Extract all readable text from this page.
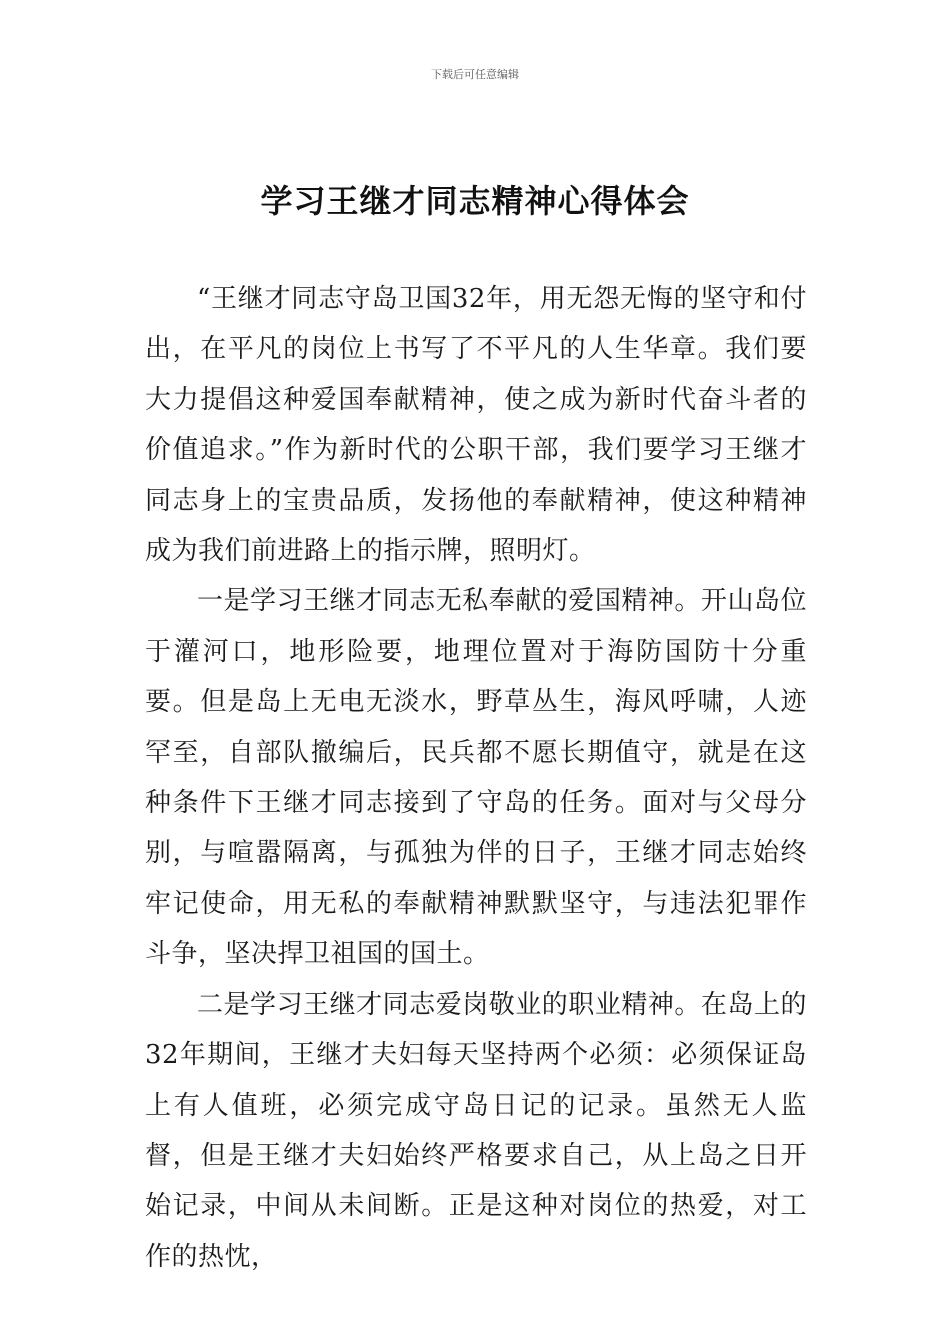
下载后可任意编辑
学习王继才同志精神心得体会

“王继才同志守岛卫国32年，用无怨无悔的坚守和付出，在平凡的岗位上书写了不平凡的人生华章。我们要大力提倡这种爱国奉献精神，使之成为新时代奋斗者的价值追求。”作为新时代的公职干部，我们要学习王继才同志身上的宝贵品质，发扬他的奉献精神，使这种精神成为我们前进路上的指示牌，照明灯。

一是学习王继才同志无私奉献的爱国精神。开山岛位于灌河口，地形险要，地理位置对于海防国防十分重要。但是岛上无电无淡水，野草丛生，海风呼啸，人迹罕至，自部队撤编后，民兵都不愿长期值守，就是在这种条件下王继才同志接到了守岛的任务。面对与父母分别，与喧嚣隔离，与孤独为伴的日子，王继才同志始终牢记使命，用无私的奉献精神默默坚守，与违法犯罪作斗争，坚决捍卫祖国的国土。

二是学习王继才同志爱岗敬业的职业精神。在岛上的32年期间，王继才夫妇每天坚持两个必须：必须保证岛上有人值班，必须完成守岛日记的记录。虽然无人监督，但是王继才夫妇始终严格要求自己，从上岛之日开始记录，中间从未间断。正是这种对岗位的热爱，对工作的热忱，
